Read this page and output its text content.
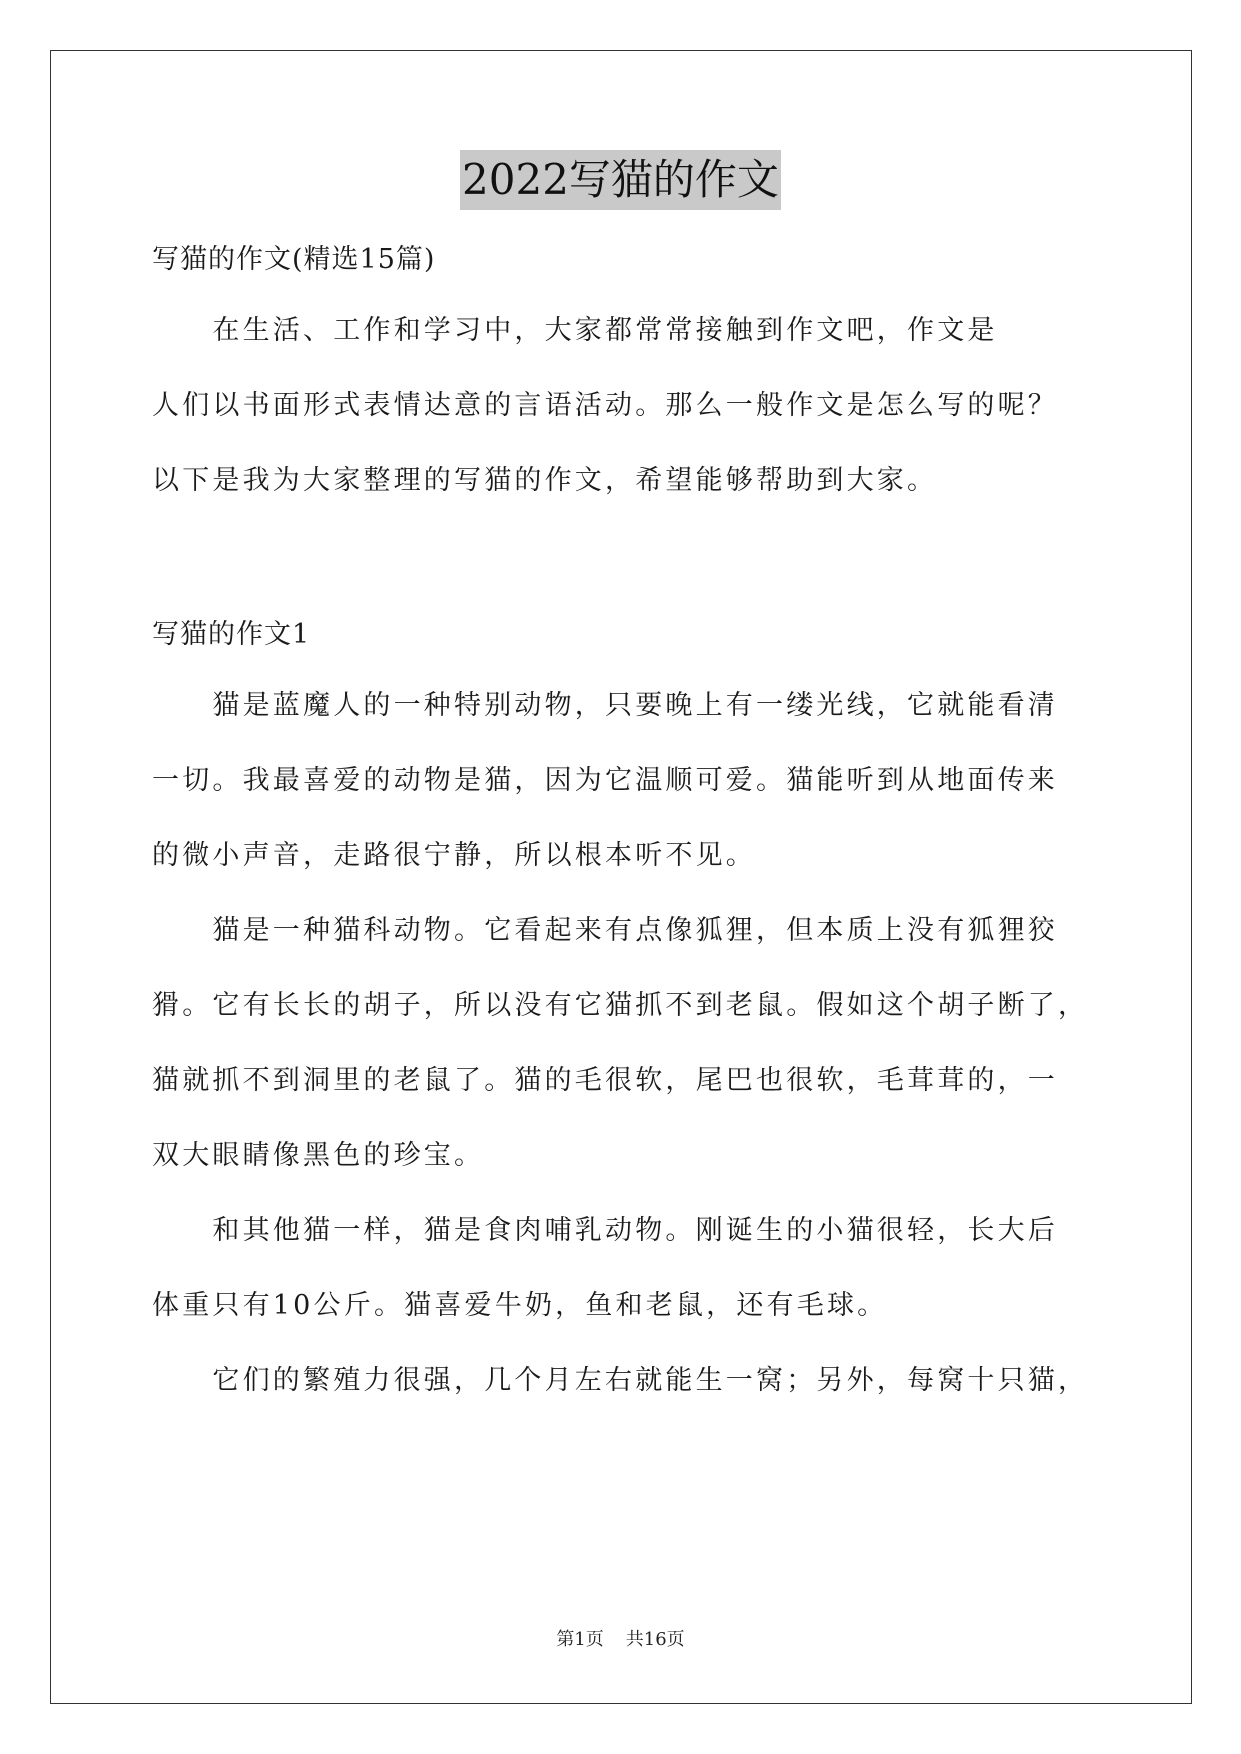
2022写猫的作文
写猫的作文(精选15篇)
　　在生活、工作和学习中，大家都常常接触到作文吧，作文是
人们以书面形式表情达意的言语活动。那么一般作文是怎么写的呢？
以下是我为大家整理的写猫的作文，希望能够帮助到大家。
写猫的作文1
　　猫是蓝魔人的一种特别动物，只要晚上有一缕光线，它就能看清
一切。我最喜爱的动物是猫，因为它温顺可爱。猫能听到从地面传来
的微小声音，走路很宁静，所以根本听不见。
　　猫是一种猫科动物。它看起来有点像狐狸，但本质上没有狐狸狡
猾。它有长长的胡子，所以没有它猫抓不到老鼠。假如这个胡子断了，
猫就抓不到洞里的老鼠了。猫的毛很软，尾巴也很软，毛茸茸的，一
双大眼睛像黑色的珍宝。
　　和其他猫一样，猫是食肉哺乳动物。刚诞生的小猫很轻，长大后
体重只有10公斤。猫喜爱牛奶，鱼和老鼠，还有毛球。
　　它们的繁殖力很强，几个月左右就能生一窝；另外，每窝十只猫，
第1页 共16页
